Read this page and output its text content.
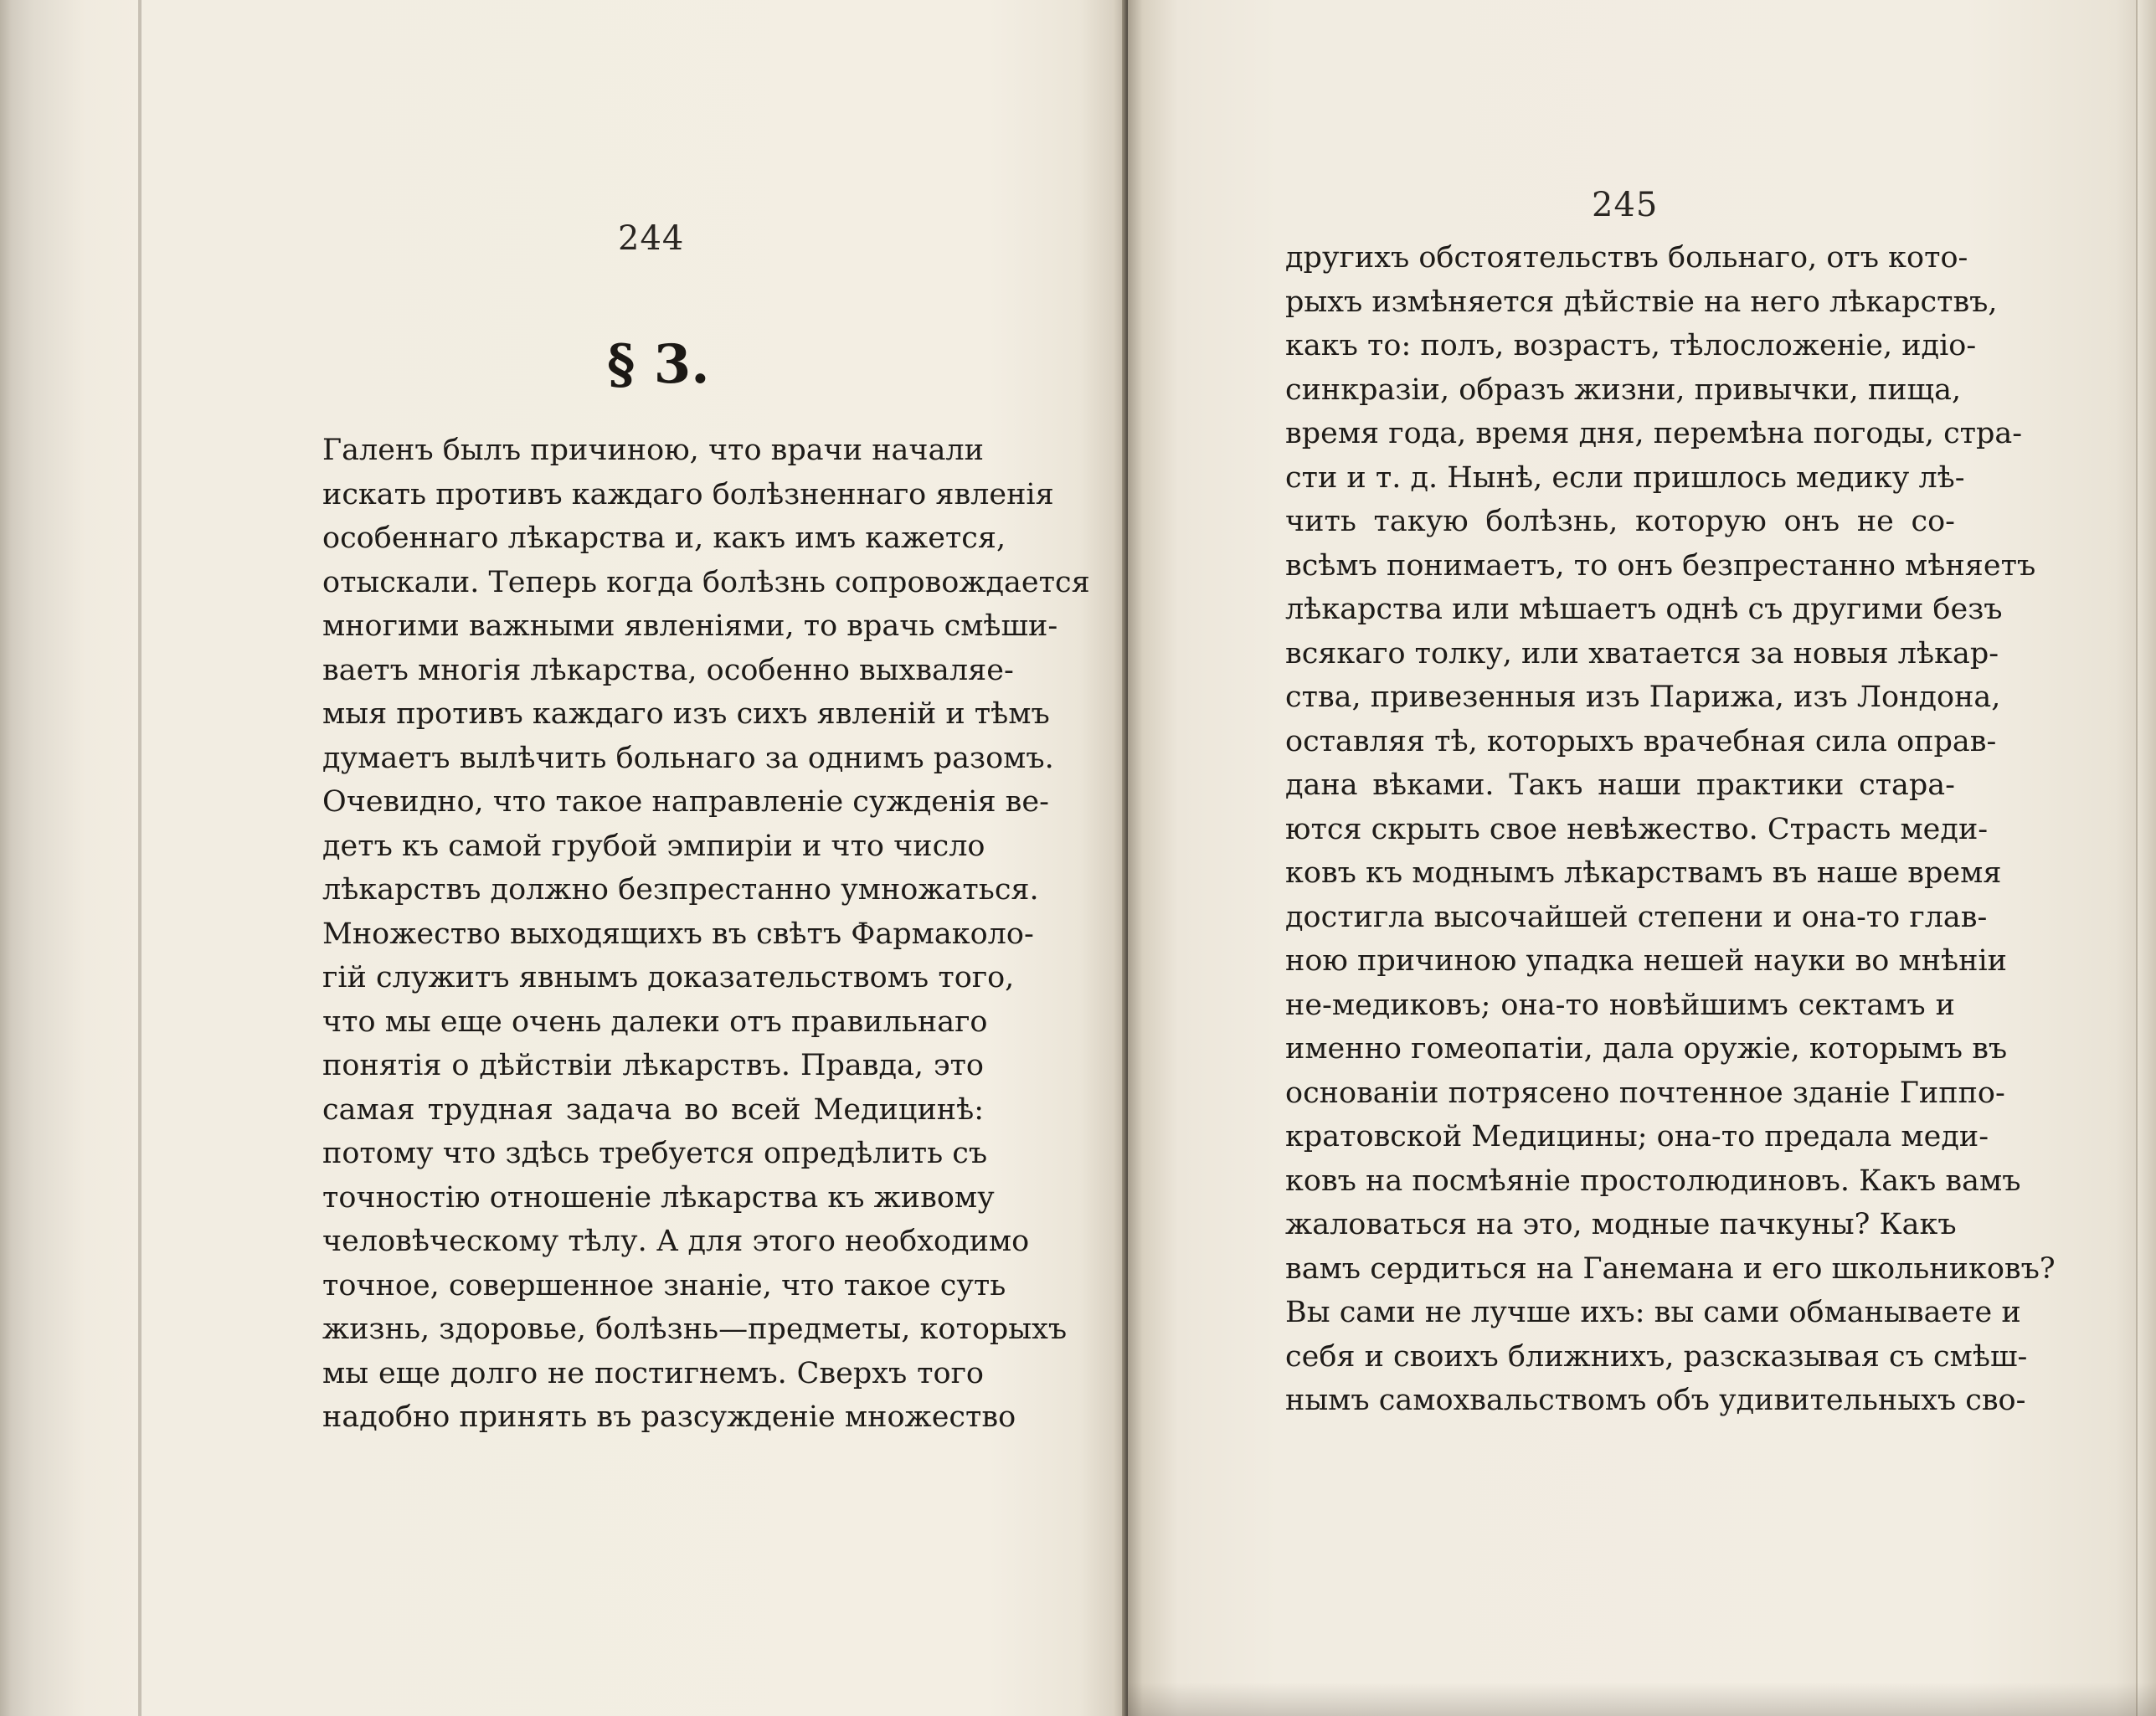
244
§ 3.
Галенъ былъ причиною, что врачи начали
искать противъ каждаго болѣзненнаго явленія
особеннаго лѣкарства и, какъ имъ кажется,
отыскали. Теперь когда болѣзнь сопровождается
многими важными явленіями, то врачь смѣши-
ваетъ многія лѣкарства, особенно выхваляе-
мыя противъ каждаго изъ сихъ явленій и тѣмъ
думаетъ вылѣчить больнаго за однимъ разомъ.
Очевидно, что такое направленіе сужденія ве-
детъ къ самой грубой эмпиріи и что число
лѣкарствъ должно безпрестанно умножаться.
Множество выходящихъ въ свѣтъ Фармаколо-
гій служитъ явнымъ доказательствомъ того,
что мы еще очень далеки отъ правильнаго
понятія о дѣйствіи лѣкарствъ. Правда, это
самая трудная задача во всей Медицинѣ:
потому что здѣсь требуется опредѣлить съ
точностію отношеніе лѣкарства къ живому
человѣческому тѣлу. А для этого необходимо
точное, совершенное знаніе, что такое суть
жизнь, здоровье, болѣзнь—предметы, которыхъ
мы еще долго не постигнемъ. Сверхъ того
надобно принять въ разсужденіе множество
245
другихъ обстоятельствъ больнаго, отъ кото-
рыхъ измѣняется дѣйствіе на него лѣкарствъ,
какъ то: полъ, возрастъ, тѣлосложеніе, идіо-
синкразіи, образъ жизни, привычки, пища,
время года, время дня, перемѣна погоды, стра-
сти и т. д. Нынѣ, если пришлось медику лѣ-
чить такую болѣзнь, которую онъ не со-
всѣмъ понимаетъ, то онъ безпрестанно мѣняетъ
лѣкарства или мѣшаетъ однѣ съ другими безъ
всякаго толку, или хватается за новыя лѣкар-
ства, привезенныя изъ Парижа, изъ Лондона,
оставляя тѣ, которыхъ врачебная сила оправ-
дана вѣками. Такъ наши практики стара-
ются скрыть свое невѣжество. Страсть меди-
ковъ къ моднымъ лѣкарствамъ въ наше время
достигла высочайшей степени и она-то глав-
ною причиною упадка нешей науки во мнѣніи
не-медиковъ; она-то новѣйшимъ сектамъ и
именно гомеопатіи, дала оружіе, которымъ въ
основаніи потрясено почтенное зданіе Гиппо-
кратовской Медицины; она-то предала меди-
ковъ на посмѣяніе простолюдиновъ. Какъ вамъ
жаловаться на это, модные пачкуны? Какъ
вамъ сердиться на Ганемана и его школьниковъ?
Вы сами не лучше ихъ: вы сами обманываете и
себя и своихъ ближнихъ, разсказывая съ смѣш-
нымъ самохвальствомъ объ удивительныхъ сво-
